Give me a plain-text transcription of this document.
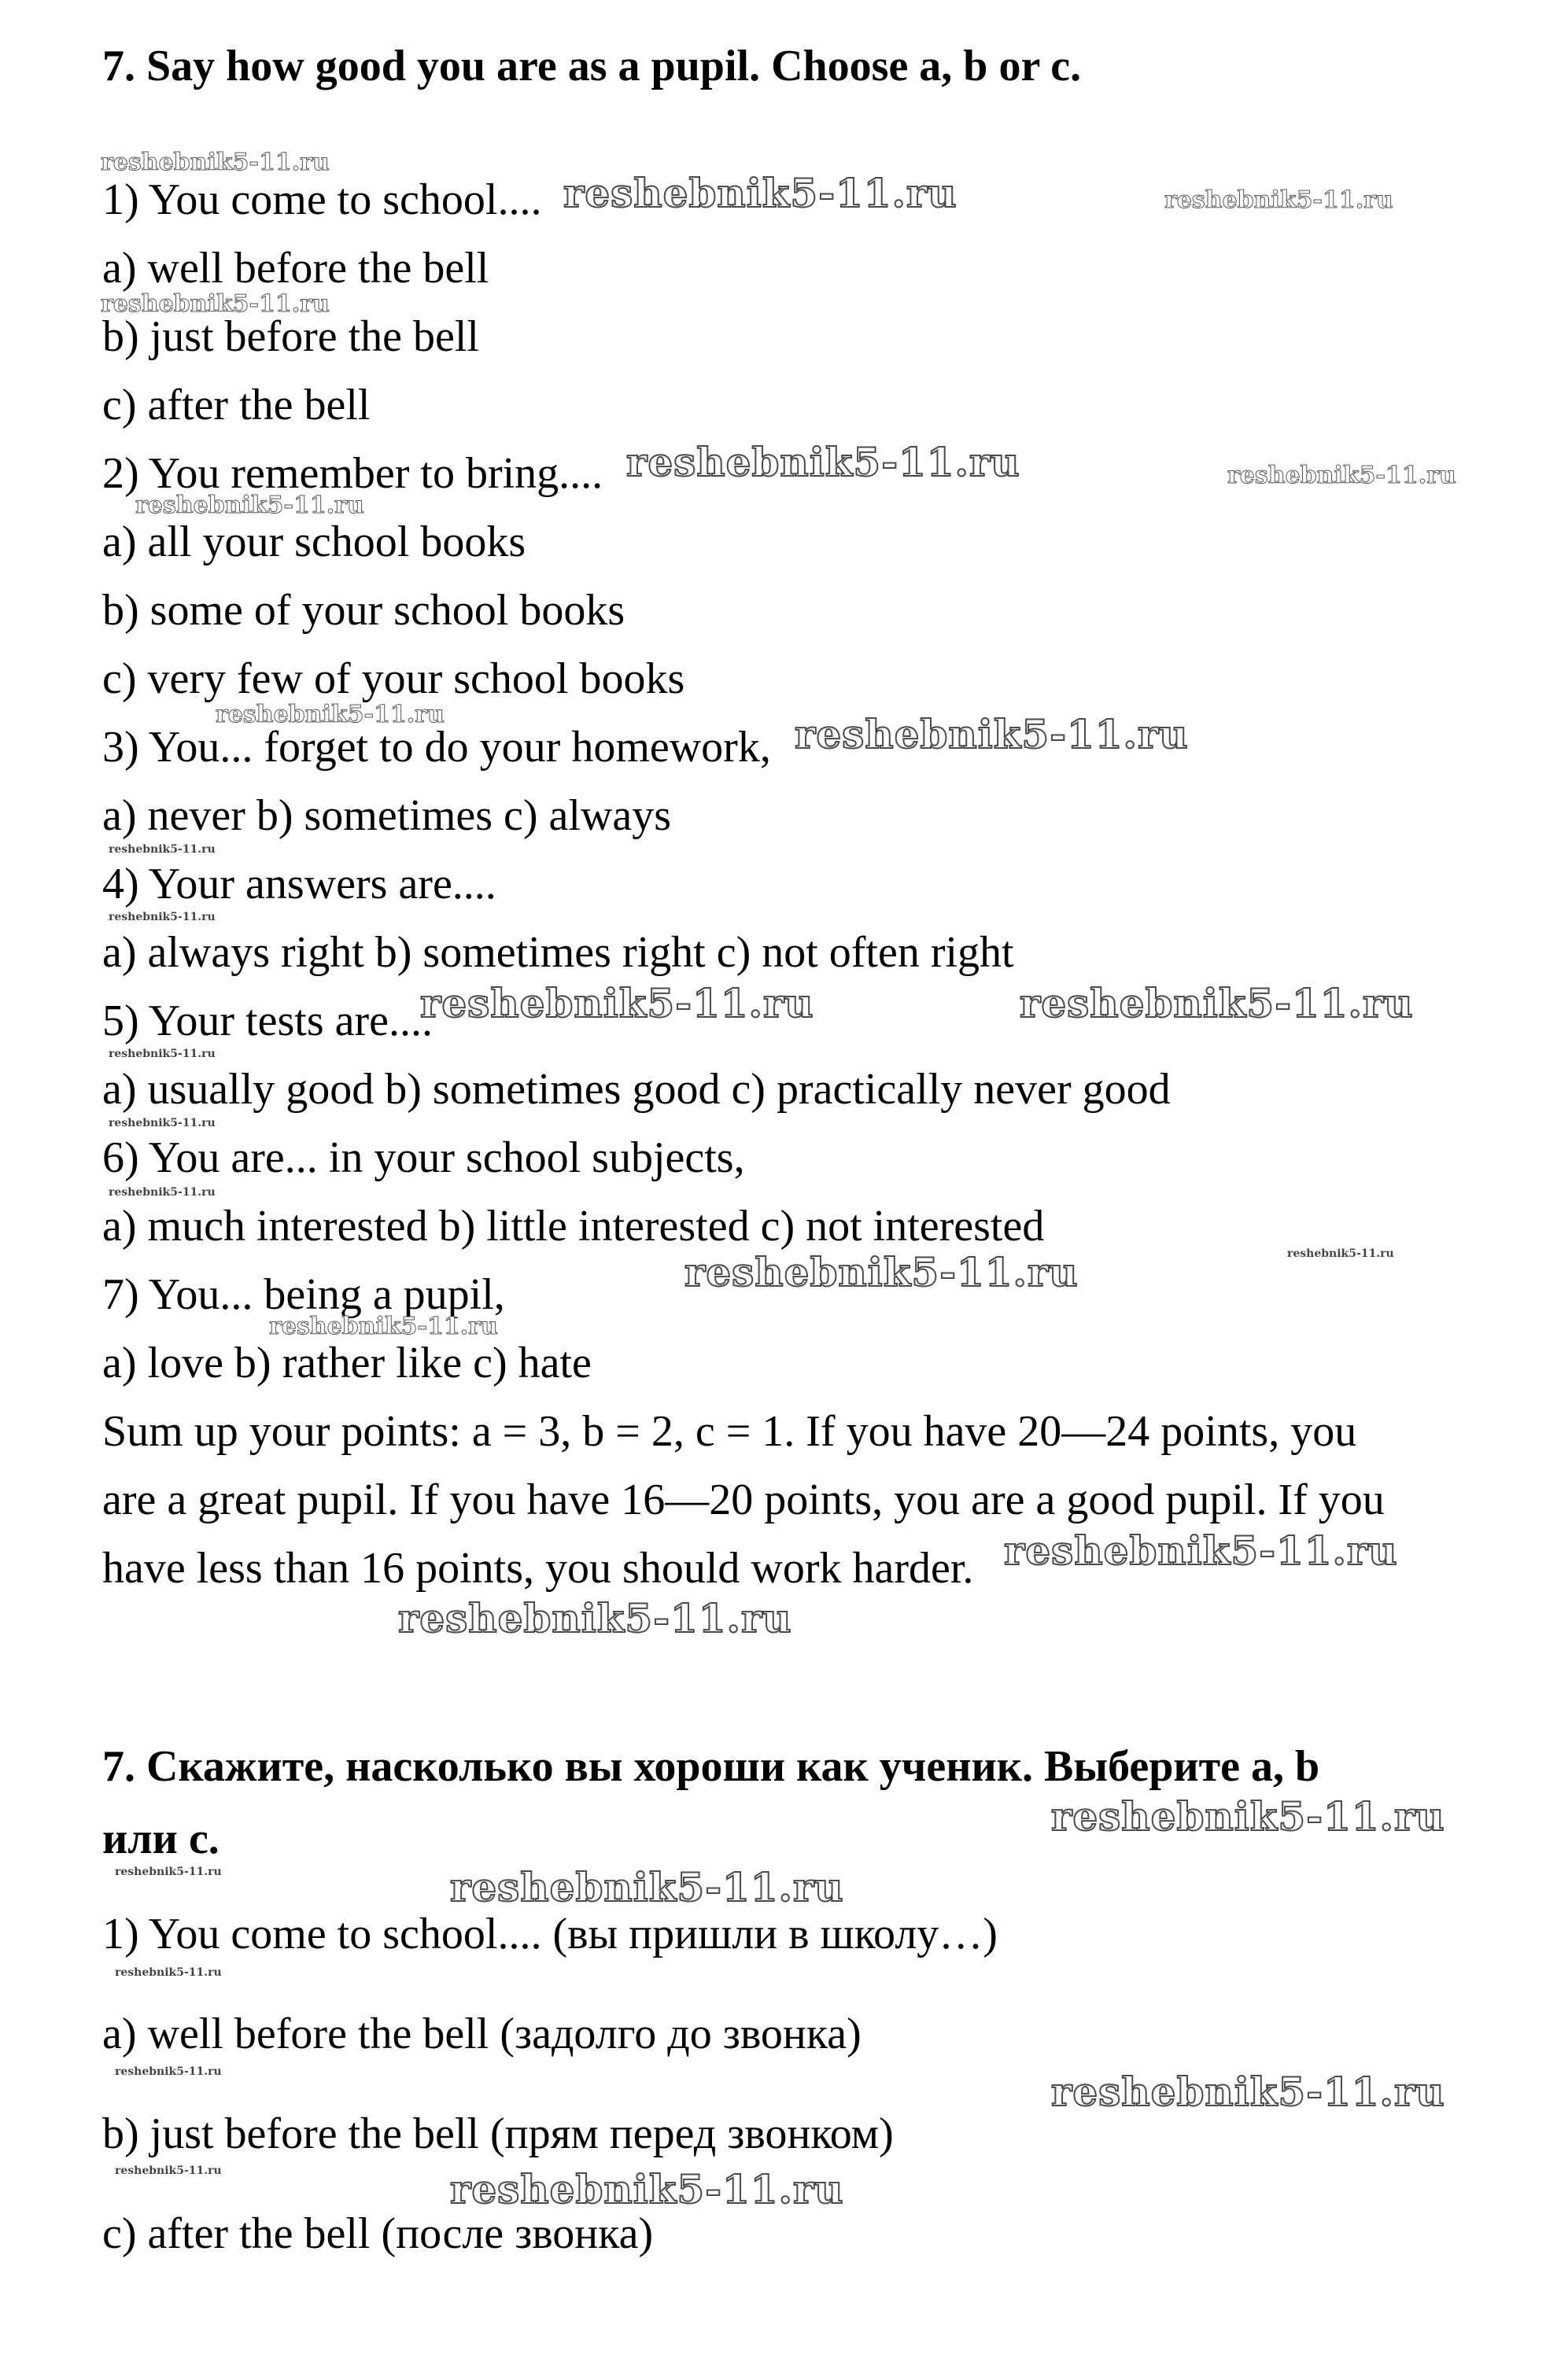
7. Say how good you are as a pupil. Choose a, b or c.
1) You come to school....
a) well before the bell
b) just before the bell
c) after the bell
2) You remember to bring....
a) all your school books
b) some of your school books
c) very few of your school books
3) You... forget to do your homework,
a) never b) sometimes c) always
4) Your answers are....
a) always right b) sometimes right c) not often right
5) Your tests are....
a) usually good b) sometimes good c) practically never good
6) You are... in your school subjects,
a) much interested b) little interested c) not interested
7) You... being a pupil,
a) love b) rather like c) hate
Sum up your points: a = 3, b = 2, c = 1. If you have 20—24 points, you
are a great pupil. If you have 16—20 points, you are a good pupil. If you
have less than 16 points, you should work harder.
7. Скажите, насколько вы хороши как ученик. Выберите a, b
или c.
1) You come to school.... (вы пришли в школу…)
a) well before the bell (задолго до звонка)
b) just before the bell (прям перед звонком)
c) after the bell (после звонка)
reshebnik5-11.ru
reshebnik5-11.ru	reshebnik5-11.ru
reshebnik5-11.ru
reshebnik5-11.ru	reshebnik5-11.ru
reshebnik5-11.ru
reshebnik5-11.ru	reshebnik5-11.ru
reshebnik5-11.ru
reshebnik5-11.ru
reshebnik5-11.ru	reshebnik5-11.ru
reshebnik5-11.ru
reshebnik5-11.ru
reshebnik5-11.ru
reshebnik5-11.ru
reshebnik5-11.ru
reshebnik5-11.ru
reshebnik5-11.ru
reshebnik5-11.ru
reshebnik5-11.ru
reshebnik5-11.ru	reshebnik5-11.ru
reshebnik5-11.ru
reshebnik5-11.ru	reshebnik5-11.ru
reshebnik5-11.ru	reshebnik5-11.ru
